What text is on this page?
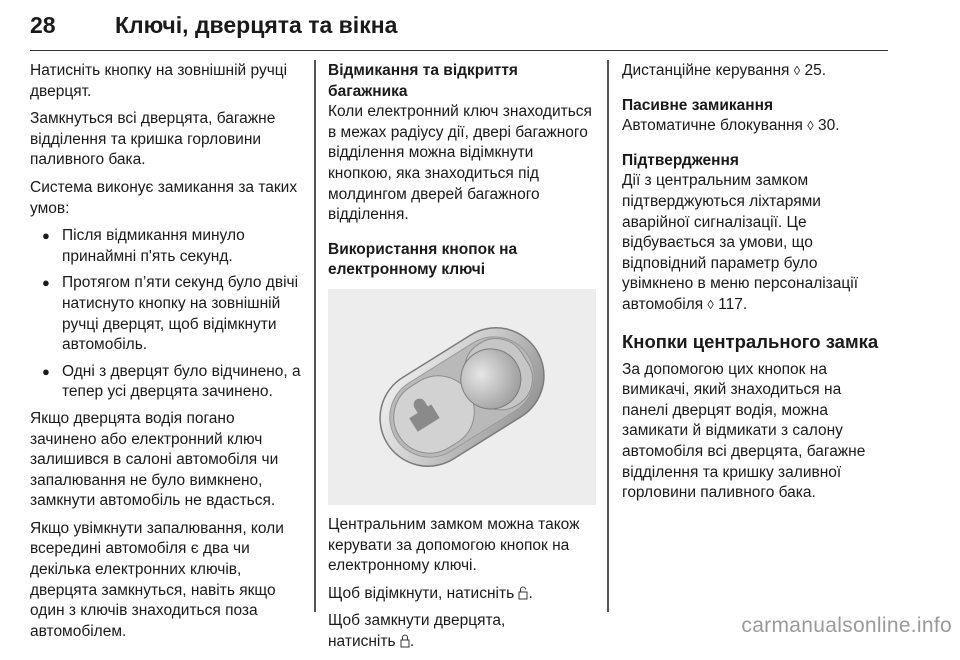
28	Ключі, дверцята та вікна

Натисніть кнопку на зовнішній ручці дверцят.

Замкнуться всі дверцята, багажне відділення та кришка горловини паливного бака.

Система виконує замикання за таких умов:

● Після відмикання минуло принаймні п'ять секунд.
● Протягом п’яти секунд було двічі натиснуто кнопку на зовнішній ручці дверцят, щоб відімкнути автомобіль.
● Одні з дверцят було відчинено, а тепер усі дверцята зачинено.

Якщо дверцята водія погано зачинено або електронний ключ залишився в салоні автомобіля чи запалювання не було вимкнено, замкнути автомобіль не вдасться.

Якщо увімкнути запалювання, коли всередині автомобіля є два чи декілька електронних ключів, дверцята замкнуться, навіть якщо один з ключів знаходиться поза автомобілем.

Відмикання та відкриття багажника

Коли електронний ключ знаходиться в межах радіусу дії, двері багажного відділення можна відімкнути кнопкою, яка знаходиться під молдингом дверей багажного відділення.

Використання кнопок на електронному ключі

Центральним замком можна також керувати за допомогою кнопок на електронному ключі.

Щоб відімкнути, натисніть .

Щоб замкнути дверцята,
натисніть .

Дистанційне керування ◊ 25.

Пасивне замикання

Автоматичне блокування ◊ 30.

Підтвердження

Дії з центральним замком підтверджуються ліхтарями аварійної сигналізації. Це відбувається за умови, що відповідний параметр було увімкнено в меню персоналізації автомобіля ◊ 117.

Кнопки центрального замка

За допомогою цих кнопок на вимикачі, який знаходиться на панелі дверцят водія, можна замикати й відмикати з салону автомобіля всі дверцята, багажне відділення та кришку заливної горловини паливного бака.

carmanualsonline.info
